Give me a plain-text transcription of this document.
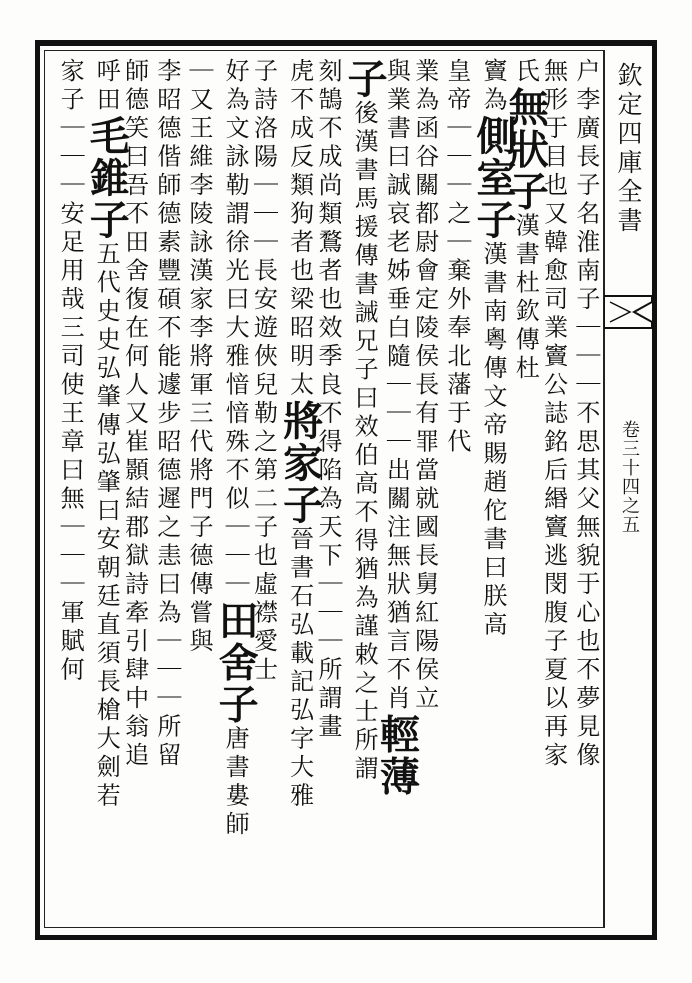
欽定四庫全書
卷三十四之五
户李廣長子名淮南子｜｜｜不思其父無貌于心也不夢見像
無形于目也又韓愈司業竇公誌銘后緡竇逃閔腹子夏以再家
氏無狀子漢書杜欽傳杜
竇為側室子漢書南粵傳文帝賜趙佗書曰朕高
皇帝｜｜｜之｜棄外奉北藩于代
業為函谷關都尉會定陵侯長有罪當就國長舅紅陽侯立
與業書曰誠哀老姊垂白隨｜｜｜出關注無狀猶言不肖輕薄
子後漢書馬援傳書誡兄子曰效伯高不得猶為謹敕之士所謂
刻鵠不成尚類鶩者也效季良不得陷為天下｜｜｜所謂畫
虎不成反類狗者也梁昭明太將家子晉書石弘載記弘字大雅
子詩洛陽｜｜｜長安遊俠兒勒之第二子也虛襟愛士
好為文詠勒謂徐光曰大雅愔愔殊不似｜｜｜田舍子唐書婁師
｜又王維李陵詠漢家李將軍三代將門子德傳嘗與
李昭德偕師德素豐碩不能遽步昭德遲之恚曰為｜｜｜所留
師德笑曰吾不田舍復在何人又崔顥結郡獄詩牽引肆中翁追
呼田毛錐子五代史史弘肇傳弘肇曰安朝廷直須長槍大劍若
家子｜｜｜安足用哉三司使王章曰無｜｜｜軍賦何
